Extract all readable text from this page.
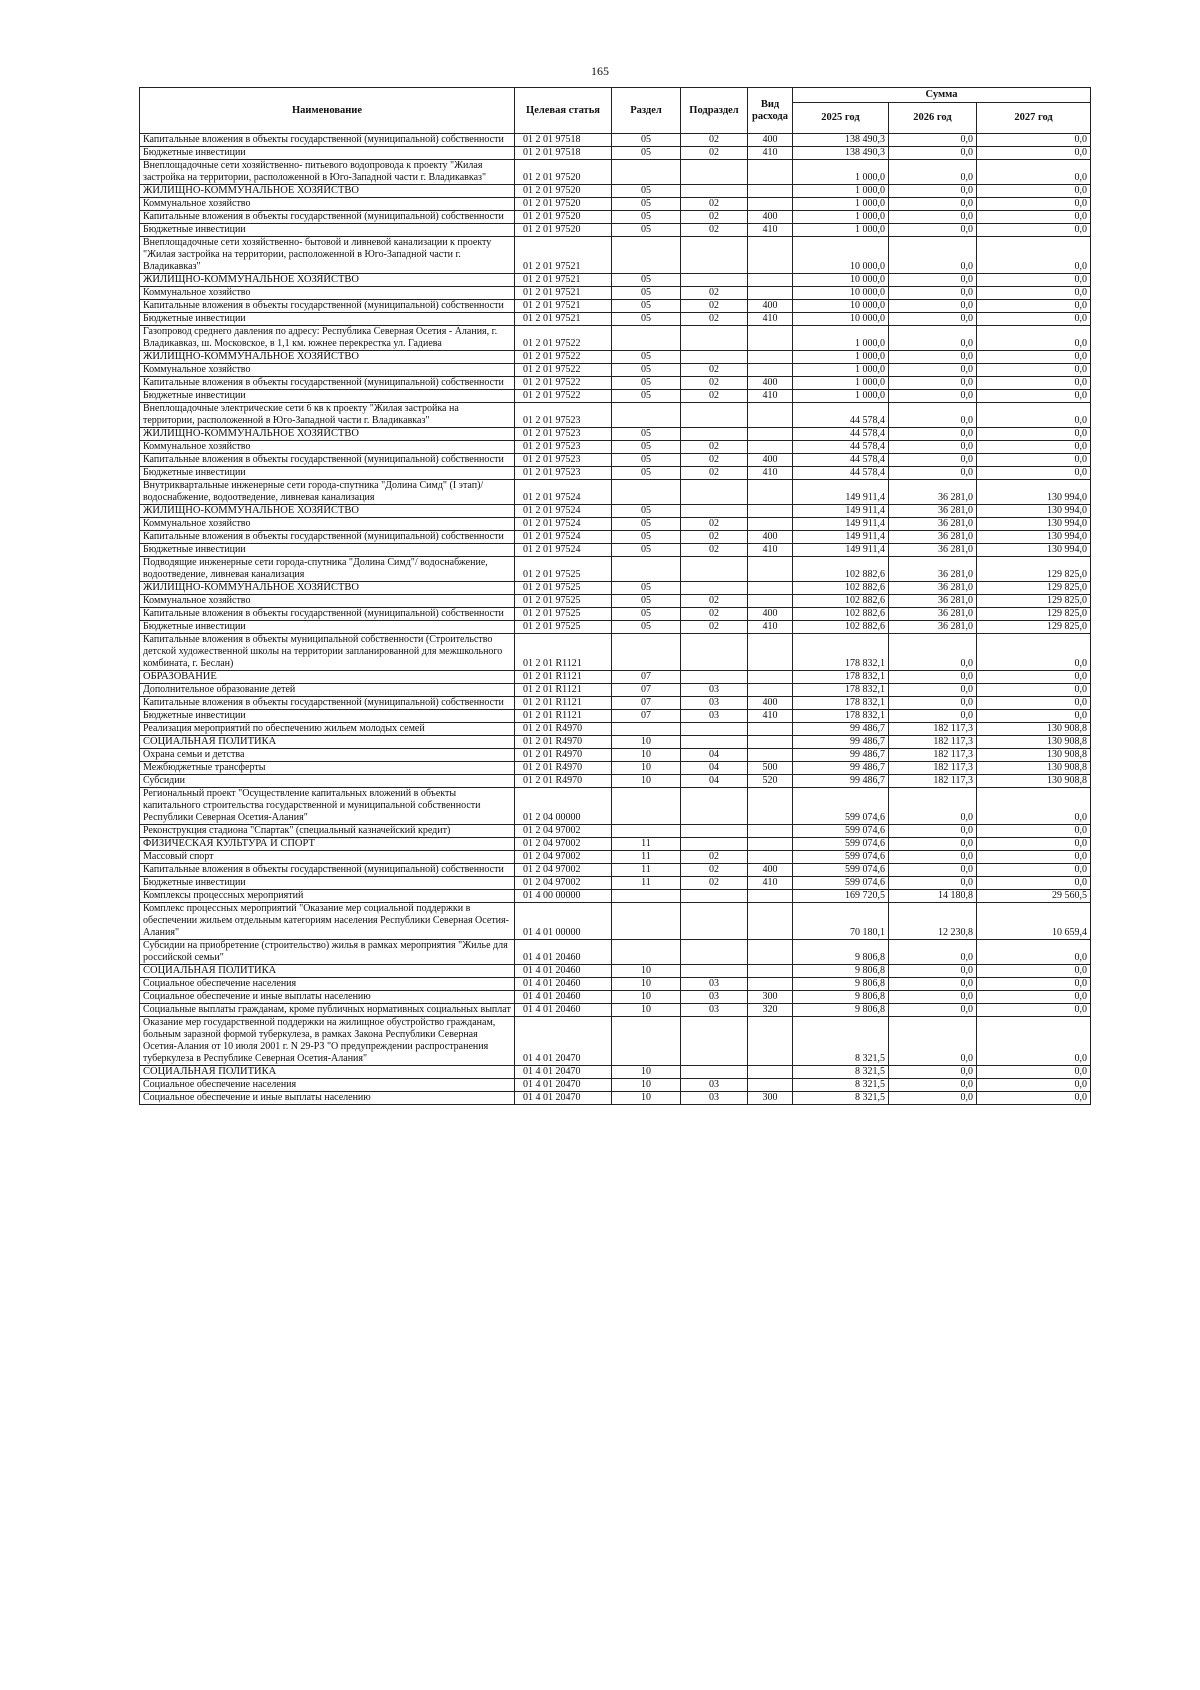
165
Наименование	Целевая статья	Раздел	Подраздел	Вид расхода	Сумма		
					2025 год	2026 год	2027 год
Капитальные вложения в объекты государственной (муниципальной) собственности	01 2 01 97518	05	02	400	138 490,3	0,0	0,0
Бюджетные инвестиции	01 2 01 97518	05	02	410	138 490,3	0,0	0,0
Внеплощадочные сети хозяйственно- питьевого водопровода к проекту "Жилая застройка на территории, расположенной в Юго-Западной части г. Владикавказ"	01 2 01 97520				1 000,0	0,0	0,0
ЖИЛИЩНО-КОММУНАЛЬНОЕ ХОЗЯЙСТВО	01 2 01 97520	05			1 000,0	0,0	0,0
Коммунальное хозяйство	01 2 01 97520	05	02		1 000,0	0,0	0,0
Капитальные вложения в объекты государственной (муниципальной) собственности	01 2 01 97520	05	02	400	1 000,0	0,0	0,0
Бюджетные инвестиции	01 2 01 97520	05	02	410	1 000,0	0,0	0,0
Внеплощадочные сети хозяйственно- бытовой и ливневой канализации к проекту "Жилая застройка на территории, расположенной в Юго-Западной части г. Владикавказ"	01 2 01 97521				10 000,0	0,0	0,0
ЖИЛИЩНО-КОММУНАЛЬНОЕ ХОЗЯЙСТВО	01 2 01 97521	05			10 000,0	0,0	0,0
Коммунальное хозяйство	01 2 01 97521	05	02		10 000,0	0,0	0,0
Капитальные вложения в объекты государственной (муниципальной) собственности	01 2 01 97521	05	02	400	10 000,0	0,0	0,0
Бюджетные инвестиции	01 2 01 97521	05	02	410	10 000,0	0,0	0,0
Газопровод среднего давления по адресу: Республика Северная Осетия - Алания, г. Владикавказ, ш. Московское, в 1,1 км. южнее перекрестка ул. Гадиева	01 2 01 97522				1 000,0	0,0	0,0
ЖИЛИЩНО-КОММУНАЛЬНОЕ ХОЗЯЙСТВО	01 2 01 97522	05			1 000,0	0,0	0,0
Коммунальное хозяйство	01 2 01 97522	05	02		1 000,0	0,0	0,0
Капитальные вложения в объекты государственной (муниципальной) собственности	01 2 01 97522	05	02	400	1 000,0	0,0	0,0
Бюджетные инвестиции	01 2 01 97522	05	02	410	1 000,0	0,0	0,0
Внеплощадочные электрические сети 6 кв к проекту "Жилая застройка на территории, расположенной в Юго-Западной части г. Владикавказ"	01 2 01 97523				44 578,4	0,0	0,0
ЖИЛИЩНО-КОММУНАЛЬНОЕ ХОЗЯЙСТВО	01 2 01 97523	05			44 578,4	0,0	0,0
Коммунальное хозяйство	01 2 01 97523	05	02		44 578,4	0,0	0,0
Капитальные вложения в объекты государственной (муниципальной) собственности	01 2 01 97523	05	02	400	44 578,4	0,0	0,0
Бюджетные инвестиции	01 2 01 97523	05	02	410	44 578,4	0,0	0,0
Внутриквартальные инженерные сети города-спутника "Долина Симд" (I этап)/водоснабжение, водоотведение, ливневая канализация	01 2 01 97524				149 911,4	36 281,0	130 994,0
ЖИЛИЩНО-КОММУНАЛЬНОЕ ХОЗЯЙСТВО	01 2 01 97524	05			149 911,4	36 281,0	130 994,0
Коммунальное хозяйство	01 2 01 97524	05	02		149 911,4	36 281,0	130 994,0
Капитальные вложения в объекты государственной (муниципальной) собственности	01 2 01 97524	05	02	400	149 911,4	36 281,0	130 994,0
Бюджетные инвестиции	01 2 01 97524	05	02	410	149 911,4	36 281,0	130 994,0
Подводящие инженерные сети города-спутника "Долина Симд"/ водоснабжение, водоотведение, ливневая канализация	01 2 01 97525				102 882,6	36 281,0	129 825,0
ЖИЛИЩНО-КОММУНАЛЬНОЕ ХОЗЯЙСТВО	01 2 01 97525	05			102 882,6	36 281,0	129 825,0
Коммунальное хозяйство	01 2 01 97525	05	02		102 882,6	36 281,0	129 825,0
Капитальные вложения в объекты государственной (муниципальной) собственности	01 2 01 97525	05	02	400	102 882,6	36 281,0	129 825,0
Бюджетные инвестиции	01 2 01 97525	05	02	410	102 882,6	36 281,0	129 825,0
Капитальные вложения в объекты муниципальной собственности (Строительство детской художественной школы на территории запланированной для межшкольного комбината, г. Беслан)	01 2 01 R1121				178 832,1	0,0	0,0
ОБРАЗОВАНИЕ	01 2 01 R1121	07			178 832,1	0,0	0,0
Дополнительное образование детей	01 2 01 R1121	07	03		178 832,1	0,0	0,0
Капитальные вложения в объекты государственной (муниципальной) собственности	01 2 01 R1121	07	03	400	178 832,1	0,0	0,0
Бюджетные инвестиции	01 2 01 R1121	07	03	410	178 832,1	0,0	0,0
Реализация мероприятий по обеспечению жильем молодых семей	01 2 01 R4970				99 486,7	182 117,3	130 908,8
СОЦИАЛЬНАЯ ПОЛИТИКА	01 2 01 R4970	10			99 486,7	182 117,3	130 908,8
Охрана семьи и детства	01 2 01 R4970	10	04		99 486,7	182 117,3	130 908,8
Межбюджетные трансферты	01 2 01 R4970	10	04	500	99 486,7	182 117,3	130 908,8
Субсидии	01 2 01 R4970	10	04	520	99 486,7	182 117,3	130 908,8
Региональный проект "Осуществление капитальных вложений в объекты капитального строительства государственной и муниципальной собственности Республики Северная Осетия-Алания"	01 2 04 00000				599 074,6	0,0	0,0
Реконструкция стадиона "Спартак" (специальный казначейский кредит)	01 2 04 97002				599 074,6	0,0	0,0
ФИЗИЧЕСКАЯ КУЛЬТУРА И СПОРТ	01 2 04 97002	11			599 074,6	0,0	0,0
Массовый спорт	01 2 04 97002	11	02		599 074,6	0,0	0,0
Капитальные вложения в объекты государственной (муниципальной) собственности	01 2 04 97002	11	02	400	599 074,6	0,0	0,0
Бюджетные инвестиции	01 2 04 97002	11	02	410	599 074,6	0,0	0,0
Комплексы процессных мероприятий	01 4 00 00000				169 720,5	14 180,8	29 560,5
Комплекс процессных мероприятий "Оказание мер социальной поддержки в обеспечении жильем отдельным категориям населения Республики Северная Осетия-Алания"	01 4 01 00000				70 180,1	12 230,8	10 659,4
Субсидии на приобретение (строительство) жилья в рамках мероприятия "Жилье для российской семьи"	01 4 01 20460				9 806,8	0,0	0,0
СОЦИАЛЬНАЯ ПОЛИТИКА	01 4 01 20460	10			9 806,8	0,0	0,0
Социальное обеспечение населения	01 4 01 20460	10	03		9 806,8	0,0	0,0
Социальное обеспечение и иные выплаты населению	01 4 01 20460	10	03	300	9 806,8	0,0	0,0
Социальные выплаты гражданам, кроме публичных нормативных социальных выплат	01 4 01 20460	10	03	320	9 806,8	0,0	0,0
Оказание мер государственной поддержки на жилищное обустройство гражданам, больным заразной формой туберкулеза, в рамках Закона Республики Северная Осетия-Алания от 10 июля 2001 г. N 29-РЗ "О предупреждении распространения туберкулеза в Республике Северная Осетия-Алания"	01 4 01 20470				8 321,5	0,0	0,0
СОЦИАЛЬНАЯ ПОЛИТИКА	01 4 01 20470	10			8 321,5	0,0	0,0
Социальное обеспечение населения	01 4 01 20470	10	03		8 321,5	0,0	0,0
Социальное обеспечение и иные выплаты населению	01 4 01 20470	10	03	300	8 321,5	0,0	0,0
